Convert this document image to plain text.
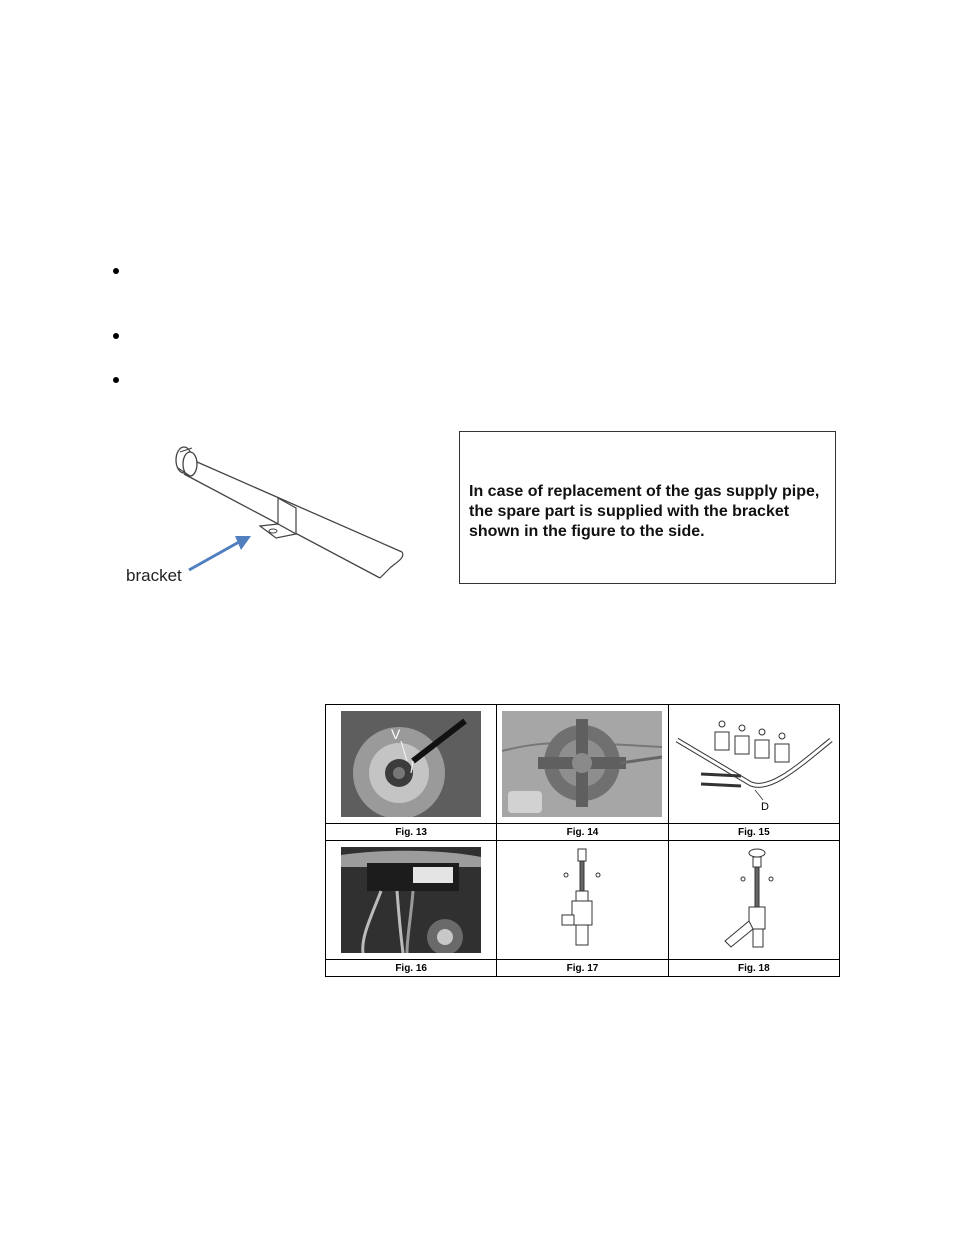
bracket
In case of replacement of the gas supply pipe, the spare part is supplied with the bracket shown in the figure to the side.
V		D

Fig. 13	Fig. 14	Fig. 15

Fig. 16	Fig. 17	Fig. 18
